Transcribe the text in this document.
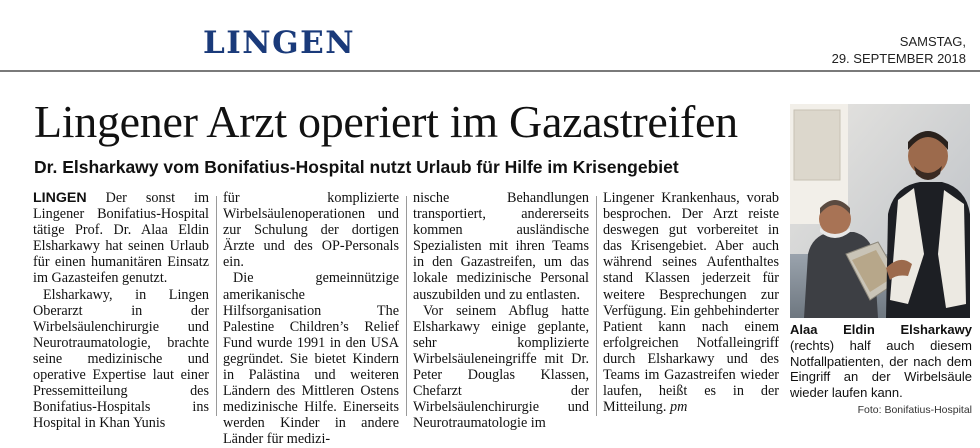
LINGEN	SAMSTAG,
29. SEPTEMBER 2018
Lingener Arzt operiert im Gazastreifen
Dr. Elsharkawy vom Bonifatius-Hospital nutzt Urlaub für Hilfe im Krisengebiet

LINGEN Der sonst im Lingener Bonifatius-Hospital tätige Prof. Dr. Alaa Eldin Elsharkawy hat seinen Urlaub für einen humanitären Einsatz im Gazasteifen genutzt.

Elsharkawy, in Lingen Oberarzt in der Wirbelsäulenchirurgie und Neurotraumatologie, brachte seine medizinische und operative Expertise laut einer Pressemitteilung des Bonifatius-Hospitals ins Hospital in Khan Yunis

für komplizierte Wirbelsäulenoperationen und zur Schulung der dortigen Ärzte und des OP-Personals ein.

Die gemeinnützige amerikanische Hilfsorganisation The Palestine Children’s Relief Fund wurde 1991 in den USA gegründet. Sie bietet Kindern in Palästina und weiteren Ländern des Mittleren Ostens medizinische Hilfe. Einerseits werden Kinder in andere Länder für medizi-

nische Behandlungen transportiert, andererseits kommen ausländische Spezialisten mit ihren Teams in den Gazastreifen, um das lokale medizinische Personal auszubilden und zu entlasten.

Vor seinem Abflug hatte Elsharkawy einige geplante, sehr komplizierte Wirbelsäuleneingriffe mit Dr. Peter Douglas Klassen, Chefarzt der Wirbelsäulenchirurgie und Neurotraumatologie im

Lingener Krankenhaus, vorab besprochen. Der Arzt reiste deswegen gut vorbereitet in das Krisengebiet. Aber auch während seines Aufenthaltes stand Klassen jederzeit für weitere Besprechungen zur Verfügung. Ein gehbehinderter Patient kann nach einem erfolgreichen Notfalleingriff durch Elsharkawy und des Teams im Gazastreifen wieder laufen, heißt es in der Mitteilung. pm

Alaa Eldin Elsharkawy (rechts) half auch diesem Notfallpatienten, der nach dem Eingriff an der Wirbelsäule wieder laufen kann.
Foto: Bonifatius-Hospital
